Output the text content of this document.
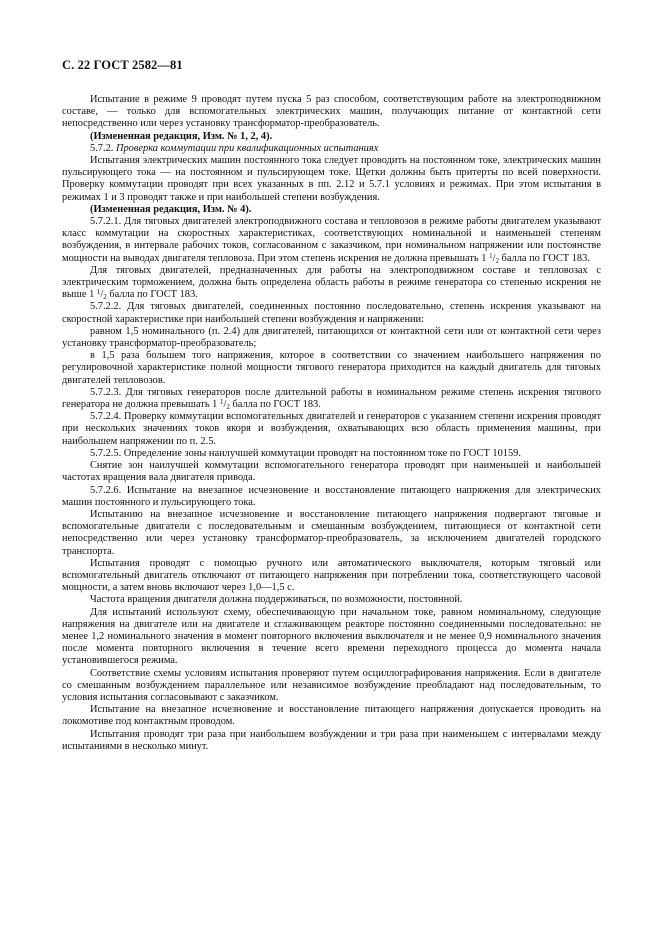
С. 22 ГОСТ 2582—81

Испытание в режиме 9 проводят путем пуска 5 раз способом, соответствующим работе на электроподвижном составе, — только для вспомогательных электрических машин, получающих питание от контактной сети непосредственно или через установку трансформатор-преобразователь.

(Измененная редакция, Изм. № 1, 2, 4).

5.7.2. Проверка коммутации при квалификационных испытаниях

Испытания электрических машин постоянного тока следует проводить на постоянном токе, электрических машин пульсирующего тока — на постоянном и пульсирующем токе. Щетки должны быть притерты по всей поверхности. Проверку коммутации проводят при всех указанных в пп. 2.12 и 5.7.1 условиях и режимах. При этом испытания в режимах 1 и 3 проводят также и при наибольшей степени возбуждения.

(Измененная редакция, Изм. № 4).

5.7.2.1. Для тяговых двигателей электроподвижного состава и тепловозов в режиме работы двигателем указывают класс коммутации на скоростных характеристиках, соответствующих номинальной и наименьшей степеням возбуждения, в интервале рабочих токов, согласованном с заказчиком, при номинальном напряжении или постоянстве мощности на выводах двигателя тепловоза. При этом степень искрения не должна превышать 1 $^1/_2$ балла по ГОСТ 183.

Для тяговых двигателей, предназначенных для работы на электроподвижном составе и тепловозах с электрическим торможением, должна быть определена область работы в режиме генератора со степенью искрения не выше 1 $^1/_2$ балла по ГОСТ 183.

5.7.2.2. Для тяговых двигателей, соединенных постоянно последовательно, степень искрения указывают на скоростной характеристике при наибольшей степени возбуждения и напряжении:

равном 1,5 номинального (п. 2.4) для двигателей, питающихся от контактной сети или от контактной сети через установку трансформатор-преобразователь;

в 1,5 раза большем того напряжения, которое в соответствии со значением наибольшего напряжения по регулировочной характеристике полной мощности тягового генератора приходится на каждый двигатель для тяговых двигателей тепловозов.

5.7.2.3. Для тяговых генераторов после длительной работы в номинальном режиме степень искрения тягового генератора не должна превышать 1 $^1/_2$ балла по ГОСТ 183.

5.7.2.4. Проверку коммутации вспомогательных двигателей и генераторов с указанием степени искрения проводят при нескольких значениях токов якоря и возбуждения, охватывающих всю область применения машины, при наибольшем напряжении по п. 2.5.

5.7.2.5. Определение зоны наилучшей коммутации проводят на постоянном токе по ГОСТ 10159.

Снятие зон наилучшей коммутации вспомогательного генератора проводят при наименьшей и наибольшей частотах вращения вала двигателя привода.

5.7.2.6. Испытание на внезапное исчезновение и восстановление питающего напряжения для электрических машин постоянного и пульсирующего тока.

Испытанию на внезапное исчезновение и восстановление питающего напряжения подвергают тяговые и вспомогательные двигатели с последовательным и смешанным возбуждением, питающиеся от контактной сети непосредственно или через установку трансформатор-преобразователь, за исключением двигателей городского транспорта.

Испытания проводят с помощью ручного или автоматического выключателя, которым тяговый или вспомогательный двигатель отключают от питающего напряжения при потреблении тока, соответствующего часовой мощности, а затем вновь включают через 1,0—1,5 с.

Частота вращения двигателя должна поддерживаться, по возможности, постоянной.

Для испытаний используют схему, обеспечивающую при начальном токе, равном номинальному, следующие напряжения на двигателе или на двигателе и сглаживающем реакторе постоянно соединенными последовательно: не менее 1,2 номинального значения в момент повторного включения выключателя и не менее 0,9 номинального значения после момента повторного включения в течение всего времени переходного процесса до момента начала установившегося режима.

Соответствие схемы условиям испытания проверяют путем осциллографирования напряжения. Если в двигателе со смешанным возбуждением параллельное или независимое возбуждение преобладают над последовательным, то условия испытания согласовывают с заказчиком.

Испытание на внезапное исчезновение и восстановление питающего напряжения допускается проводить на локомотиве под контактным проводом.

Испытания проводят три раза при наибольшем возбуждении и три раза при наименьшем с интервалами между испытаниями в несколько минут.
